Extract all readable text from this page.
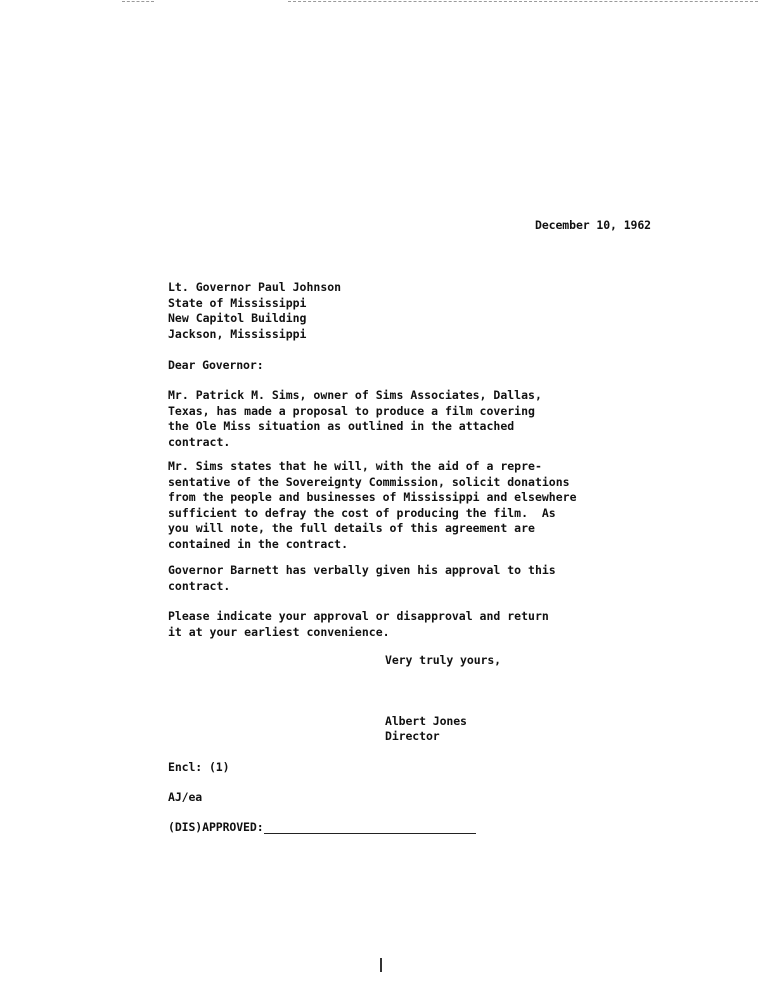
December 10, 1962
Lt. Governor Paul Johnson
State of Mississippi
New Capitol Building
Jackson, Mississippi
Dear Governor:
Mr. Patrick M. Sims, owner of Sims Associates, Dallas,
Texas, has made a proposal to produce a film covering
the Ole Miss situation as outlined in the attached
contract.
Mr. Sims states that he will, with the aid of a repre-
sentative of the Sovereignty Commission, solicit donations
from the people and businesses of Mississippi and elsewhere
sufficient to defray the cost of producing the film.  As
you will note, the full details of this agreement are
contained in the contract.
Governor Barnett has verbally given his approval to this
contract.
Please indicate your approval or disapproval and return
it at your earliest convenience.
Very truly yours,
Albert Jones
Director
Encl: (1)
AJ/ea
(DIS)APPROVED:
